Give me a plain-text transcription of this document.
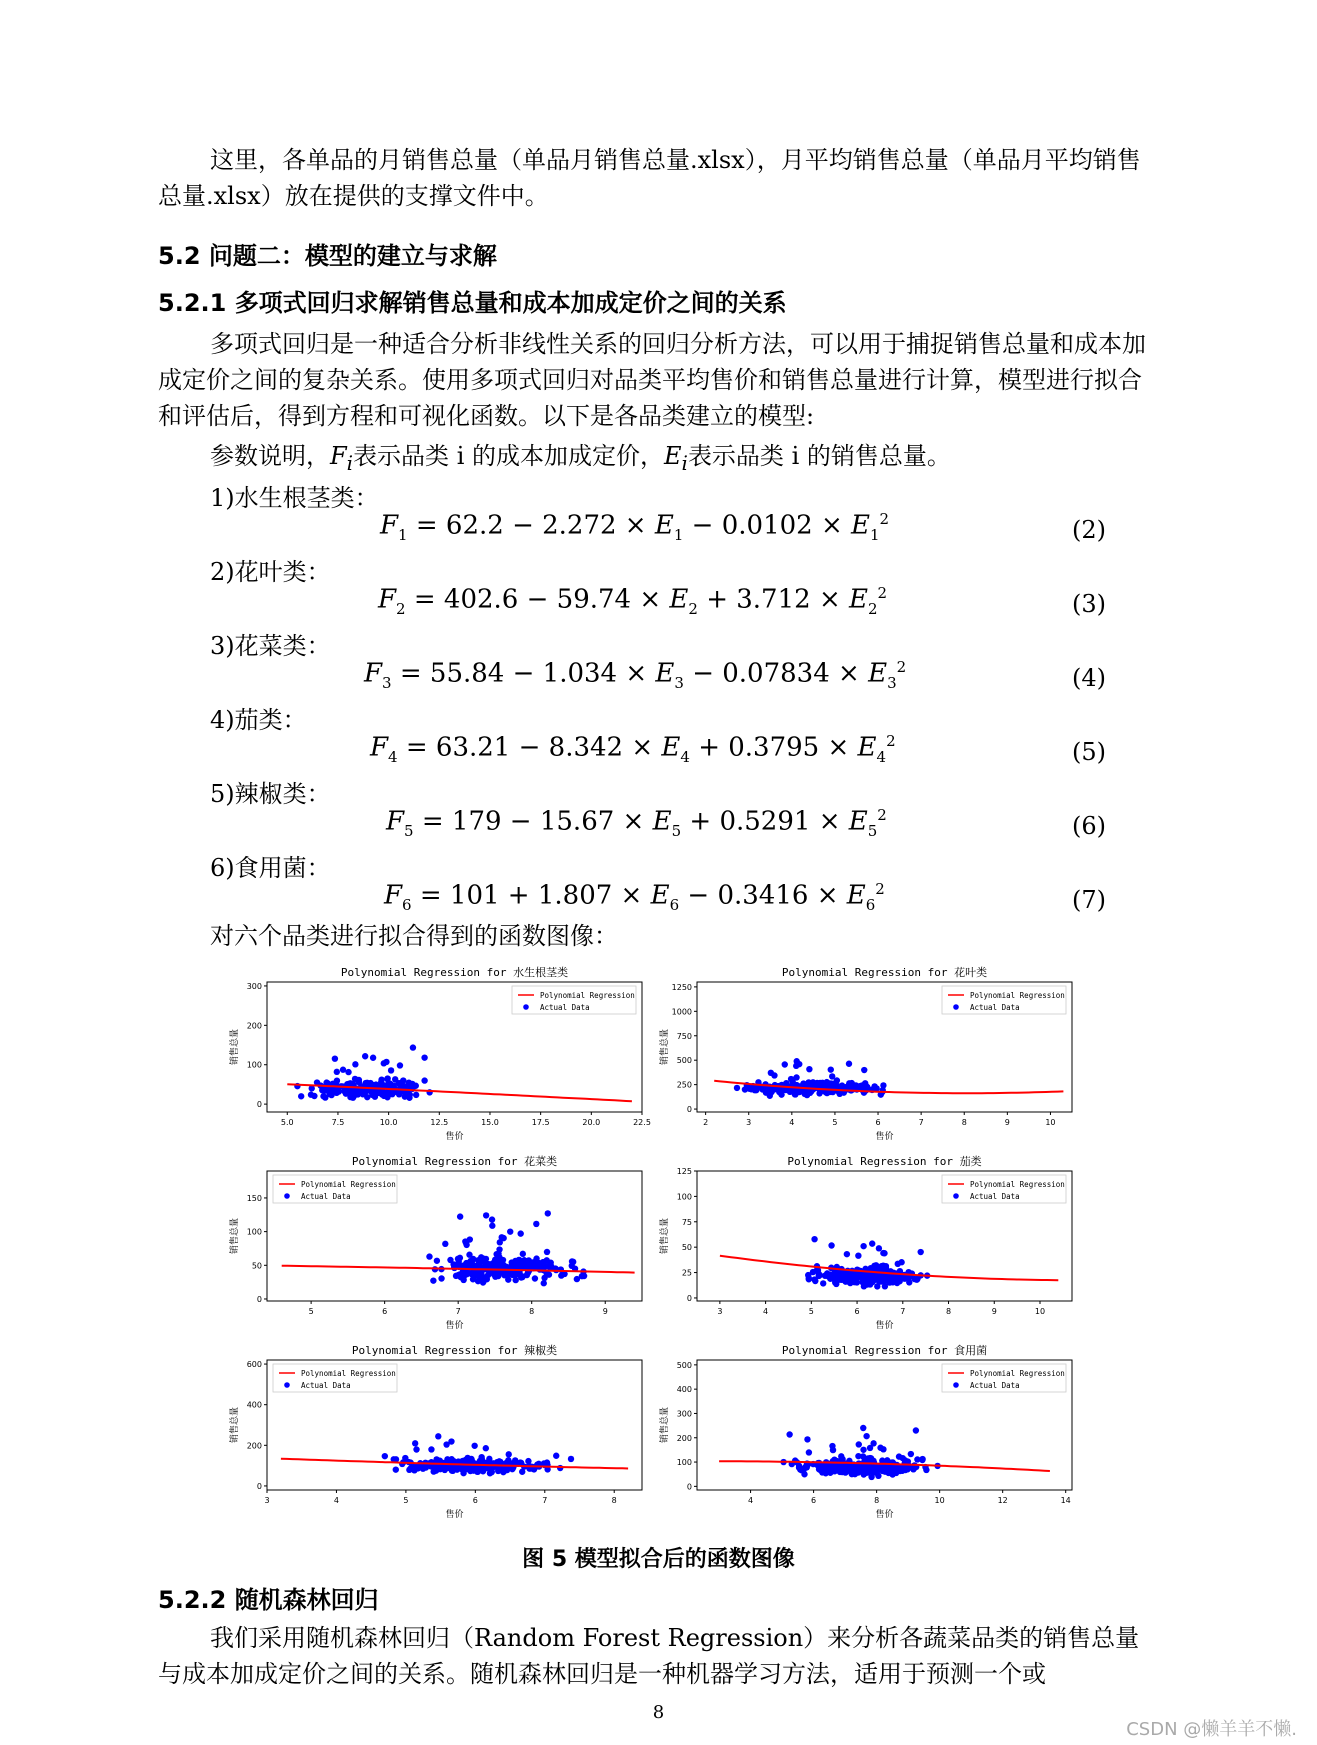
这里，各单品的月销售总量（单品月销售总量.xlsx），月平均销售总量（单品月平均销售总量.xlsx）放在提供的支撑文件中。

5.2 问题二：模型的建立与求解
5.2.1 多项式回归求解销售总量和成本加成定价之间的关系

多项式回归是一种适合分析非线性关系的回归分析方法，可以用于捕捉销售总量和成本加成定价之间的复杂关系。使用多项式回归对品类平均售价和销售总量进行计算，模型进行拟合和评估后，得到方程和可视化函数。以下是各品类建立的模型:

参数说明，$F_i$表示品类 i 的成本加成定价，$E_i$表示品类 i 的销售总量。

1)水生根茎类：
$F_1 = 62.2 - 2.272 \times E_1 - 0.0102 \times E_1^2$	(2)
2)花叶类：
$F_2 = 402.6 - 59.74 \times E_2 + 3.712 \times E_2^2$	(3)
3)花菜类：
$F_3 = 55.84 - 1.034 \times E_3 - 0.07834 \times E_3^2$	(4)
4)茄类：
$F_4 = 63.21 - 8.342 \times E_4 + 0.3795 \times E_4^2$	(5)
5)辣椒类：
$F_5 = 179 - 15.67 \times E_5 + 0.5291 \times E_5^2$	(6)
6)食用菌：
$F_6 = 101 + 1.807 \times E_6 - 0.3416 \times E_6^2$	(7)

对六个品类进行拟合得到的函数图像：

Polynomial Regression for 水生根茎类
5.0	7.5	10.0	12.5	15.0	17.5	20.0	22.5
0
100
200
300
售价
销售总量
Polynomial Regression
Actual Data
Polynomial Regression for 花叶类
2	3	4	5	6	7	8	9	10
0
250
500
750
1000
1250
售价
销售总量
Polynomial Regression
Actual Data
Polynomial Regression for 花菜类
5	6	7	8	9
0
50
100
150
售价
销售总量
Polynomial Regression
Actual Data
Polynomial Regression for 茄类
3	4	5	6	7	8	9	10
0
25
50
75
100
125
售价
销售总量
Polynomial Regression
Actual Data
Polynomial Regression for 辣椒类
3	4	5	6	7	8
0
200
400
600
售价
销售总量
Polynomial Regression
Actual Data
Polynomial Regression for 食用菌
4	6	8	10	12	14
0
100
200
300
400
500
售价
销售总量
Polynomial Regression
Actual Data
图 5 模型拟合后的函数图像
5.2.2 随机森林回归

我们采用随机森林回归（Random Forest Regression）来分析各蔬菜品类的销售总量与成本加成定价之间的关系。随机森林回归是一种机器学习方法，适用于预测一个或

8
CSDN @懒羊羊不懒.
